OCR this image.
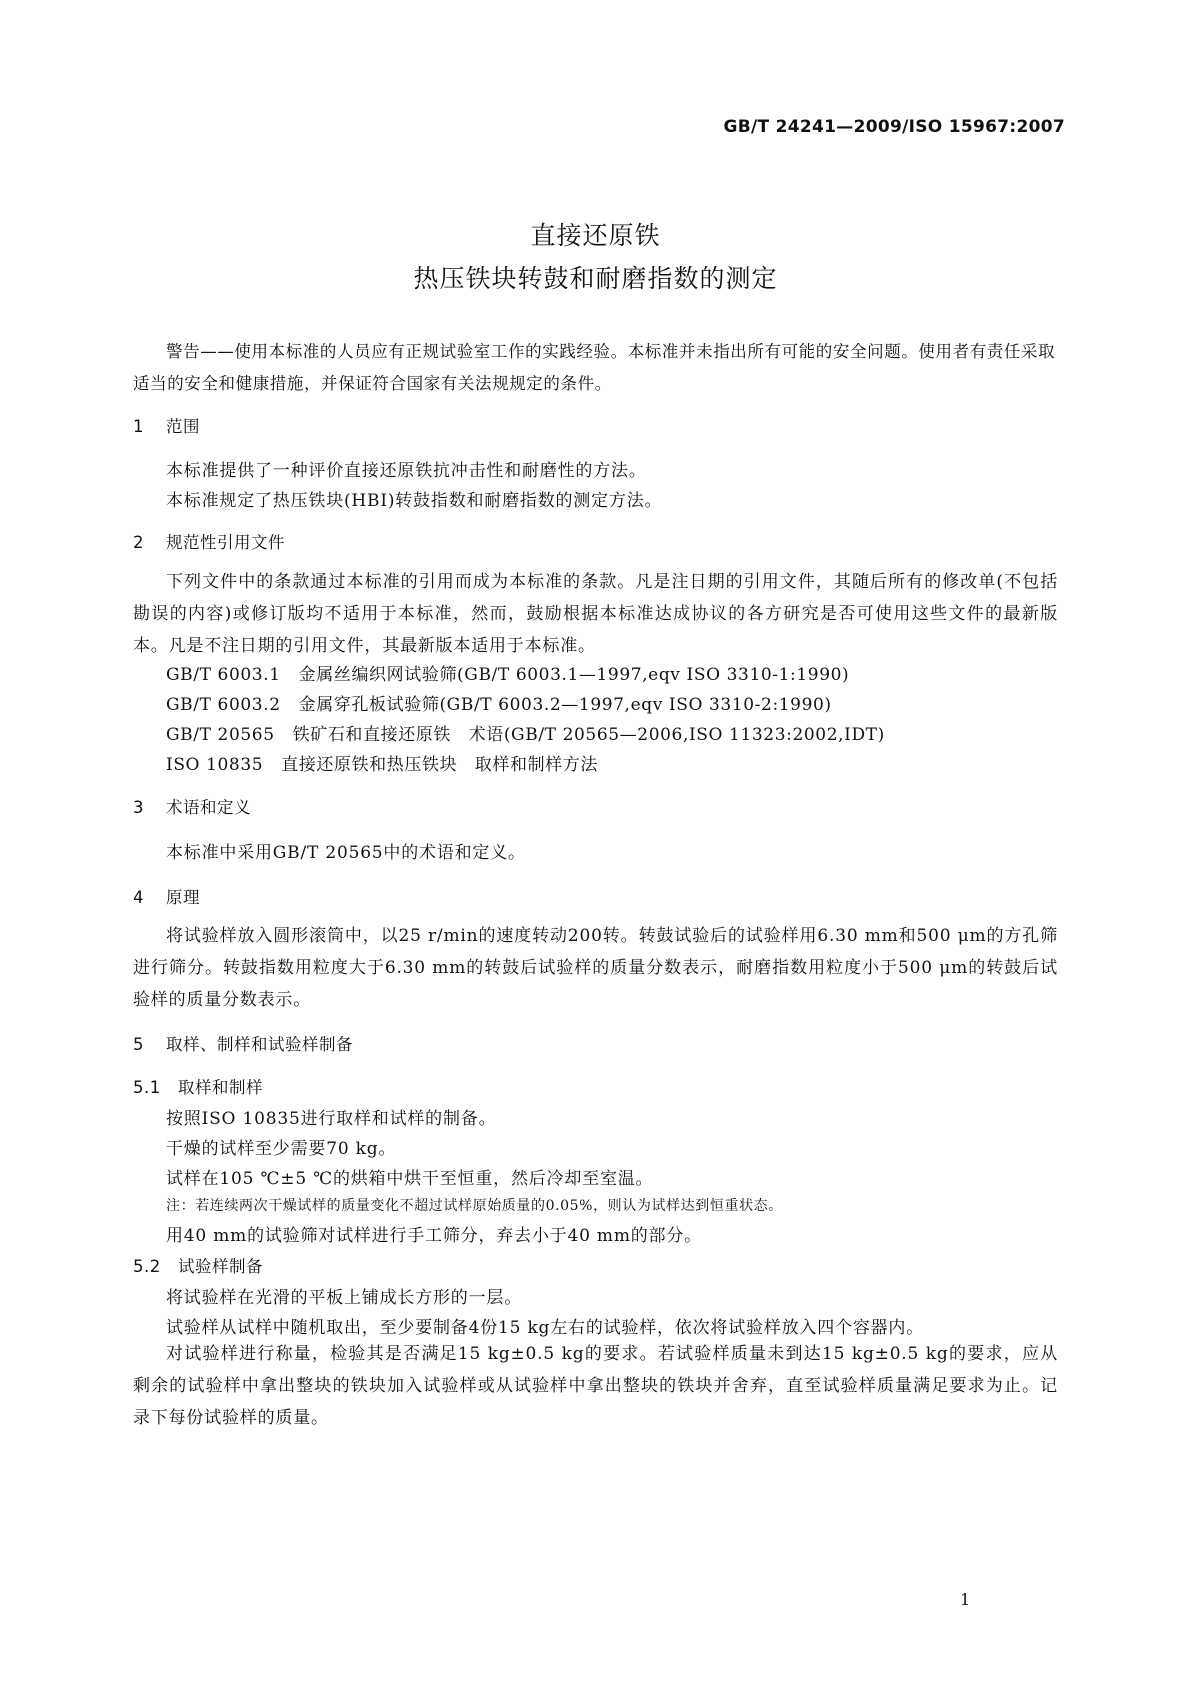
GB/T 24241—2009/ISO 15967:2007
直接还原铁
热压铁块转鼓和耐磨指数的测定
警告——使用本标准的人员应有正规试验室工作的实践经验。本标准并未指出所有可能的安全问题。使用者有责任采取适当的安全和健康措施，并保证符合国家有关法规规定的条件。
1 范围
本标准提供了一种评价直接还原铁抗冲击性和耐磨性的方法。
本标准规定了热压铁块(HBI)转鼓指数和耐磨指数的测定方法。
2 规范性引用文件
下列文件中的条款通过本标准的引用而成为本标准的条款。凡是注日期的引用文件，其随后所有的修改单(不包括勘误的内容)或修订版均不适用于本标准，然而，鼓励根据本标准达成协议的各方研究是否可使用这些文件的最新版本。凡是不注日期的引用文件，其最新版本适用于本标准。
GB/T 6003.1 金属丝编织网试验筛(GB/T 6003.1—1997,eqv ISO 3310-1:1990)
GB/T 6003.2 金属穿孔板试验筛(GB/T 6003.2—1997,eqv ISO 3310-2:1990)
GB/T 20565 铁矿石和直接还原铁　术语(GB/T 20565—2006,ISO 11323:2002,IDT)
ISO 10835 直接还原铁和热压铁块　取样和制样方法
3 术语和定义
本标准中采用GB/T 20565中的术语和定义。
4 原理
将试验样放入圆形滚筒中，以25 r/min的速度转动200转。转鼓试验后的试验样用6.30 mm和500 μm的方孔筛进行筛分。转鼓指数用粒度大于6.30 mm的转鼓后试验样的质量分数表示，耐磨指数用粒度小于500 μm的转鼓后试验样的质量分数表示。
5 取样、制样和试验样制备
5.1 取样和制样
按照ISO 10835进行取样和试样的制备。
干燥的试样至少需要70 kg。
试样在105 ℃±5 ℃的烘箱中烘干至恒重，然后冷却至室温。
注：若连续两次干燥试样的质量变化不超过试样原始质量的0.05%，则认为试样达到恒重状态。
用40 mm的试验筛对试样进行手工筛分，弃去小于40 mm的部分。
5.2 试验样制备
将试验样在光滑的平板上铺成长方形的一层。
试验样从试样中随机取出，至少要制备4份15 kg左右的试验样，依次将试验样放入四个容器内。
对试验样进行称量，检验其是否满足15 kg±0.5 kg的要求。若试验样质量未到达15 kg±0.5 kg的要求，应从剩余的试验样中拿出整块的铁块加入试验样或从试验样中拿出整块的铁块并舍弃，直至试验样质量满足要求为止。记录下每份试验样的质量。
1
